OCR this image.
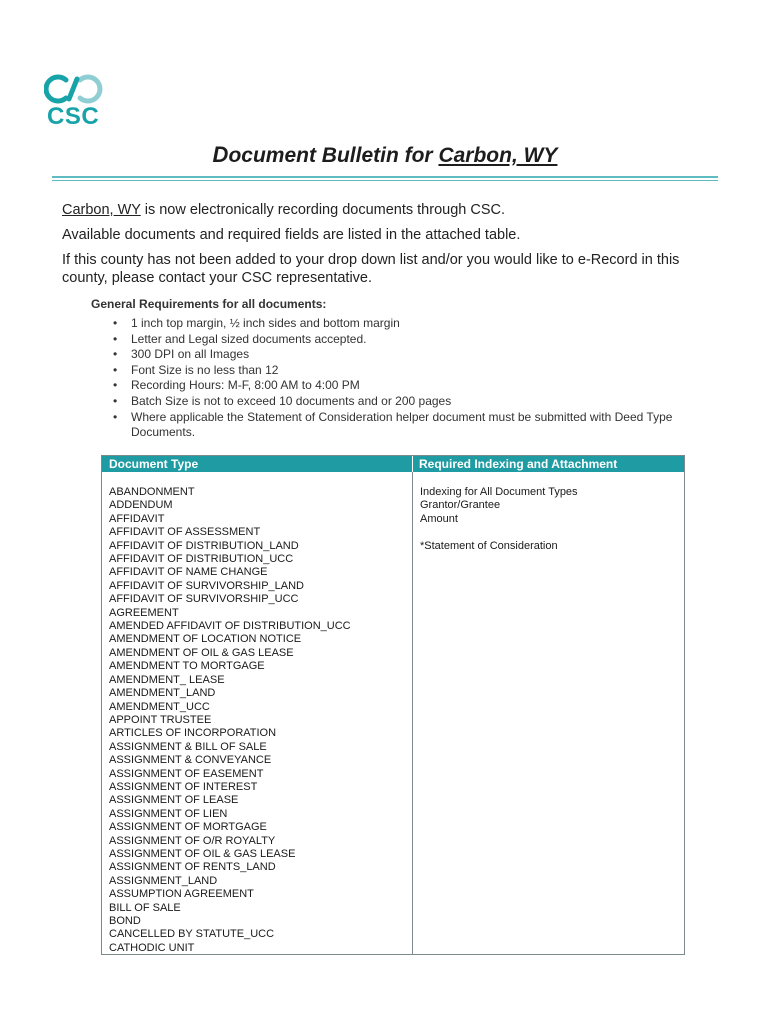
CSC
Document Bulletin for Carbon, WY

Carbon, WY is now electronically recording documents through CSC.

Available documents and required fields are listed in the attached table.

If this county has not been added to your drop down list and/or you would like to e-Record in this county, please contact your CSC representative.

General Requirements for all documents:
• 1 inch top margin, ½ inch sides and bottom margin
• Letter and Legal sized documents accepted.
• 300 DPI on all Images
• Font Size is no less than 12
• Recording Hours: M-F, 8:00 AM to 4:00 PM
• Batch Size is not to exceed 10 documents and or 200 pages
• Where applicable the Statement of Consideration helper document must be submitted with Deed Type Documents.
Document Type	Required Indexing and Attachment
ABANDONMENT
ADDENDUM
AFFIDAVIT
AFFIDAVIT OF ASSESSMENT
AFFIDAVIT OF DISTRIBUTION_LAND
AFFIDAVIT OF DISTRIBUTION_UCC
AFFIDAVIT OF NAME CHANGE
AFFIDAVIT OF SURVIVORSHIP_LAND
AFFIDAVIT OF SURVIVORSHIP_UCC
AGREEMENT
AMENDED AFFIDAVIT OF DISTRIBUTION_UCC
AMENDMENT OF LOCATION NOTICE
AMENDMENT OF OIL & GAS LEASE
AMENDMENT TO MORTGAGE
AMENDMENT_ LEASE
AMENDMENT_LAND
AMENDMENT_UCC
APPOINT TRUSTEE
ARTICLES OF INCORPORATION
ASSIGNMENT & BILL OF SALE
ASSIGNMENT & CONVEYANCE
ASSIGNMENT OF EASEMENT
ASSIGNMENT OF INTEREST
ASSIGNMENT OF LEASE
ASSIGNMENT OF LIEN
ASSIGNMENT OF MORTGAGE
ASSIGNMENT OF O/R ROYALTY
ASSIGNMENT OF OIL & GAS LEASE
ASSIGNMENT OF RENTS_LAND
ASSIGNMENT_LAND
ASSUMPTION AGREEMENT
BILL OF SALE
BOND
CANCELLED BY STATUTE_UCC
CATHODIC UNIT
Indexing for All Document Types
Grantor/Grantee
Amount
*Statement of Consideration
